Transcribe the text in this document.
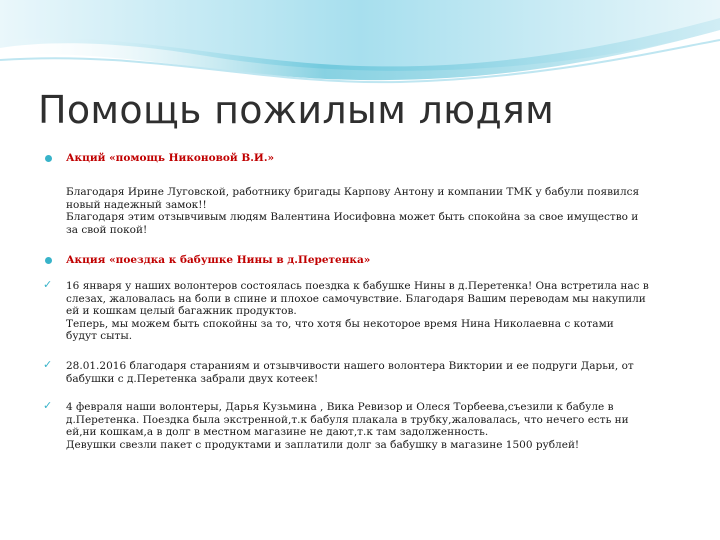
Помощь пожилым людям
Акций «помощь Никоновой В.И.»
Благодаря Ирине Луговской, работнику бригады Карпову Антону и компании ТМК у бабули появился
новый надежный замок!!
Благодаря этим отзывчивым людям Валентина Иосифовна может быть спокойна за свое имущество и
за свой покой!
Акция «поездка к бабушке Нины в д.Перетенка»
✓ 16 января у наших волонтеров состоялась поездка к бабушке Нины в д.Перетенка! Она встретила нас в
слезах, жаловалась на боли в спине и плохое самочувствие. Благодаря Вашим переводам мы накупили
ей и кошкам целый багажник продуктов.
Теперь, мы можем быть спокойны за то, что хотя бы некоторое время Нина Николаевна с котами
будут сыты.
✓ 28.01.2016 благодаря стараниям и отзывчивости нашего волонтера Виктории и ее подруги Дарьи, от
бабушки с д.Перетенка забрали двух котеек!
✓ 4 февраля наши волонтеры, Дарья Кузьмина , Вика Ревизор и Олеся Торбеева,съезили к бабуле в
д.Перетенка. Поездка была экстренной,т.к бабуля плакала в трубку,жаловалась, что нечего есть ни
ей,ни кошкам,а в долг в местном магазине не дают,т.к там задолженность.
Девушки свезли пакет с продуктами и заплатили долг за бабушку в магазине 1500 рублей!
